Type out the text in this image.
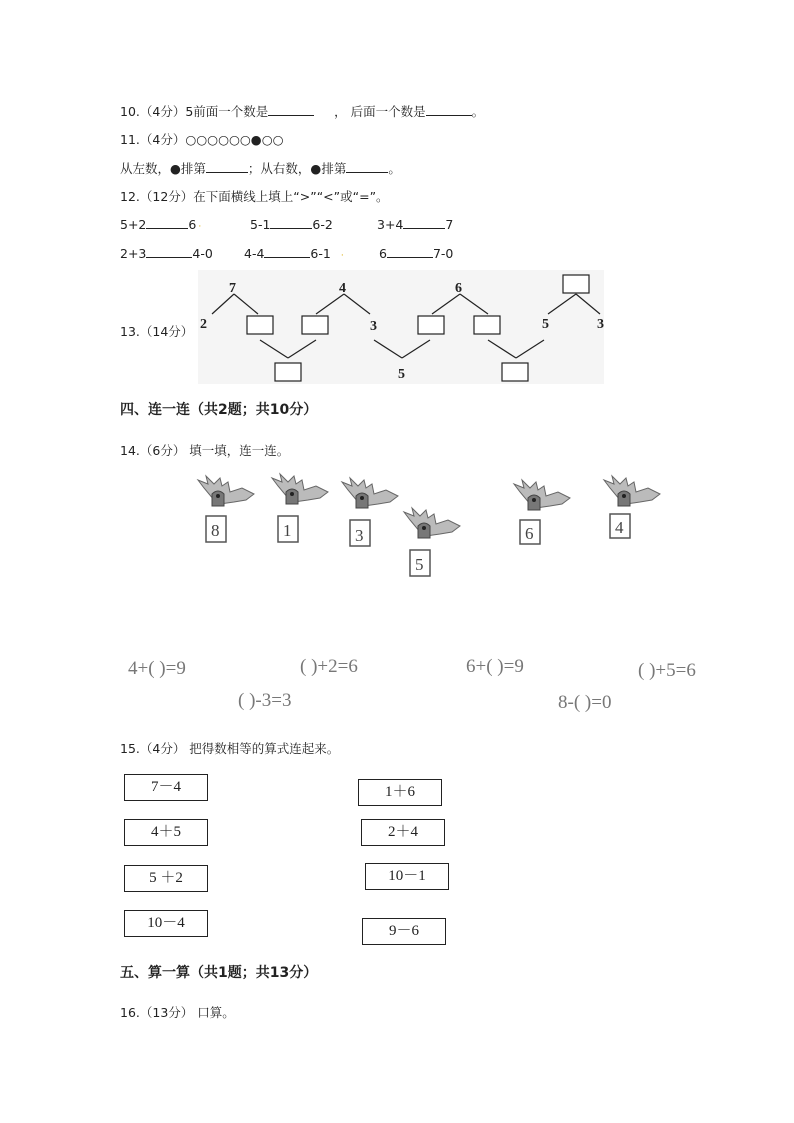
10.（4分）5前面一个数是	， 后面一个数是	。
11.（4分）○○○○○○●○○
从左数，●排第	；从右数，●排第	。
12.（12分）在下面横线上填上“>”“<”或“=”。
5+2	6 ·	5-1	6-2	3+4	7
2+3	4-0 4-4	6-1 ·	6	7-0
13.（14分）
7
2
4
3
5
6
5	3
四、连一连（共2题；共10分）
14.（6分） 填一填，连一连。
8	1	3
5
6	4
4+( )=9	( )+2=6	6+( )=9	( )+5=6
( )-3=3	8-( )=0
15.（4分） 把得数相等的算式连起来。
7－4
4＋5
5 ＋2
10－4
1＋6
2＋4
10－1
9－6
五、算一算（共1题；共13分）
16.（13分） 口算。
